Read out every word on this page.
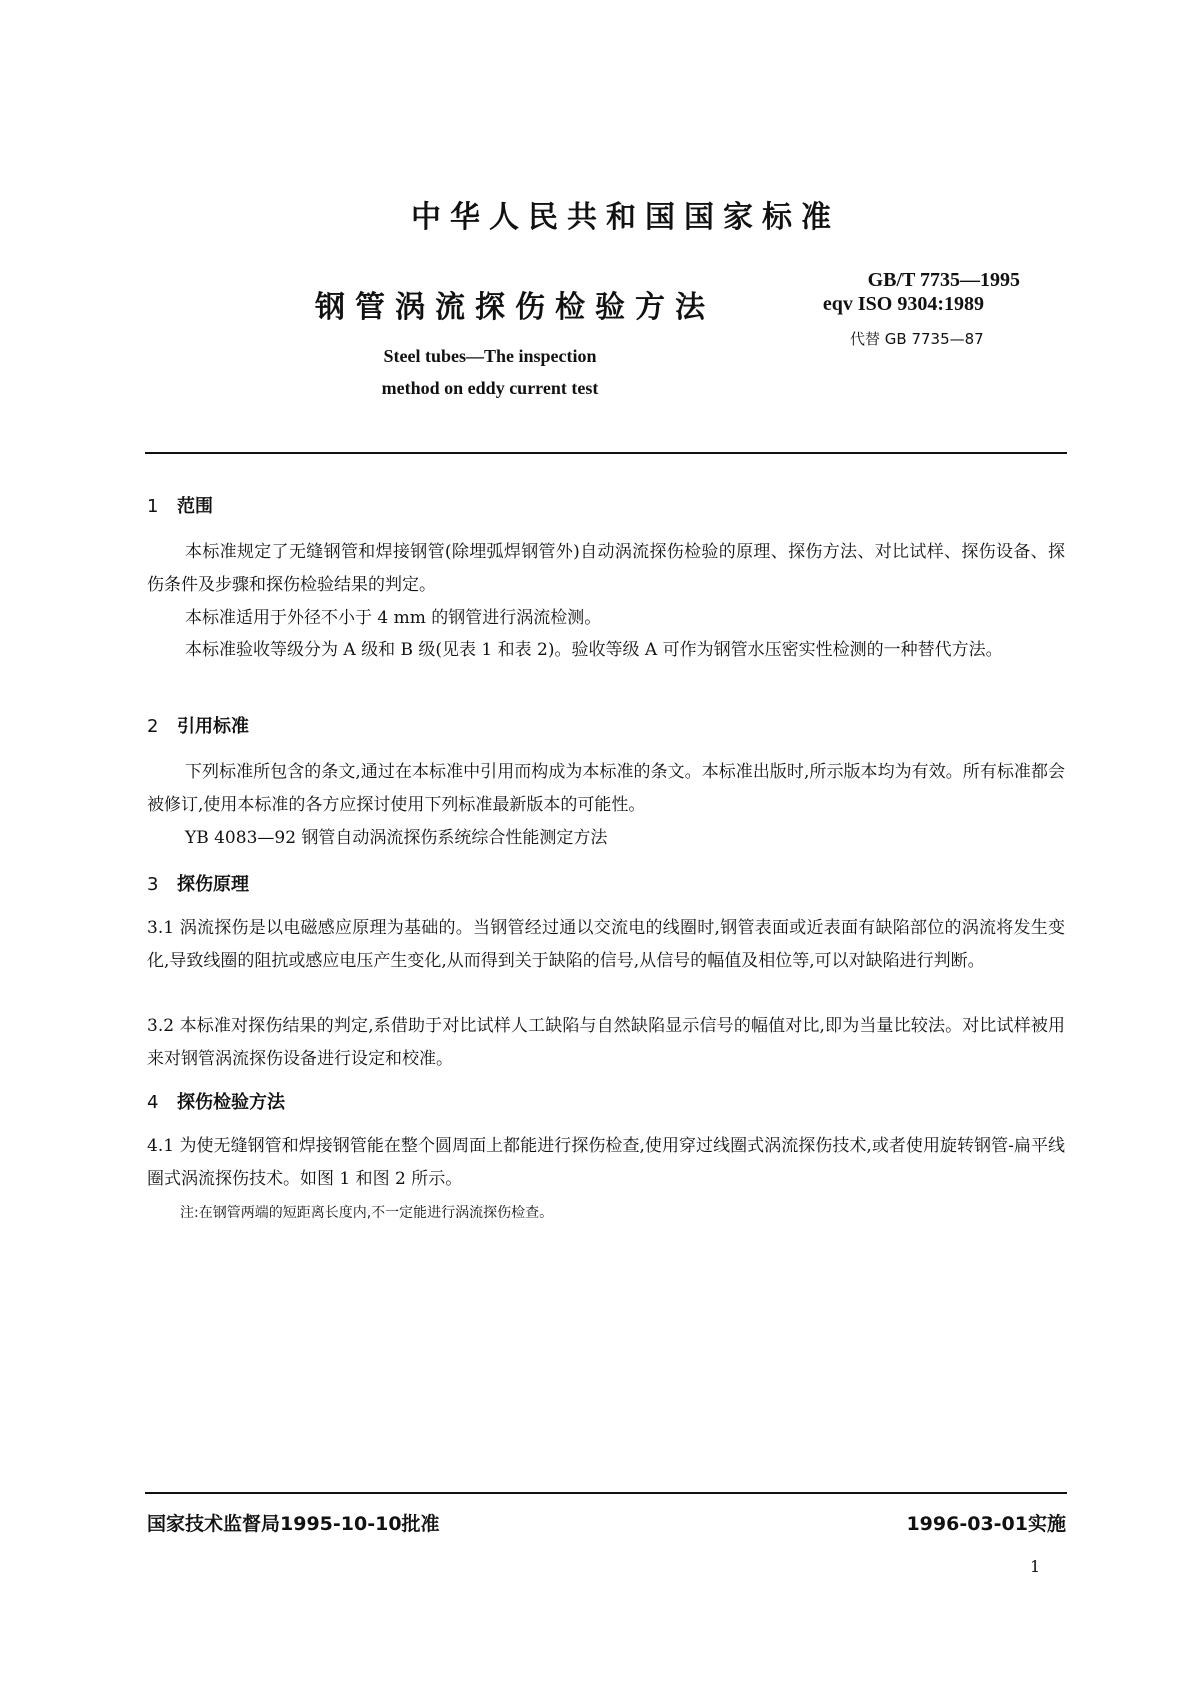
中华人民共和国国家标准
钢管涡流探伤检验方法
GB/T 7735—1995
eqv ISO 9304:1989
代替 GB 7735—87
Steel tubes—The inspection
method on eddy current test
1 范围
本标准规定了无缝钢管和焊接钢管(除埋弧焊钢管外)自动涡流探伤检验的原理、探伤方法、对比试样、探伤设备、探伤条件及步骤和探伤检验结果的判定。
本标准适用于外径不小于 4 mm 的钢管进行涡流检测。
本标准验收等级分为 A 级和 B 级(见表 1 和表 2)。验收等级 A 可作为钢管水压密实性检测的一种替代方法。
2 引用标准
下列标准所包含的条文,通过在本标准中引用而构成为本标准的条文。本标准出版时,所示版本均为有效。所有标准都会被修订,使用本标准的各方应探讨使用下列标准最新版本的可能性。
YB 4083—92 钢管自动涡流探伤系统综合性能测定方法
3 探伤原理
3.1 涡流探伤是以电磁感应原理为基础的。当钢管经过通以交流电的线圈时,钢管表面或近表面有缺陷部位的涡流将发生变化,导致线圈的阻抗或感应电压产生变化,从而得到关于缺陷的信号,从信号的幅值及相位等,可以对缺陷进行判断。
3.2 本标准对探伤结果的判定,系借助于对比试样人工缺陷与自然缺陷显示信号的幅值对比,即为当量比较法。对比试样被用来对钢管涡流探伤设备进行设定和校准。
4 探伤检验方法
4.1 为使无缝钢管和焊接钢管能在整个圆周面上都能进行探伤检查,使用穿过线圈式涡流探伤技术,或者使用旋转钢管-扁平线圈式涡流探伤技术。如图 1 和图 2 所示。
注:在钢管两端的短距离长度内,不一定能进行涡流探伤检查。
国家技术监督局1995-10-10批准	1996-03-01实施
1
